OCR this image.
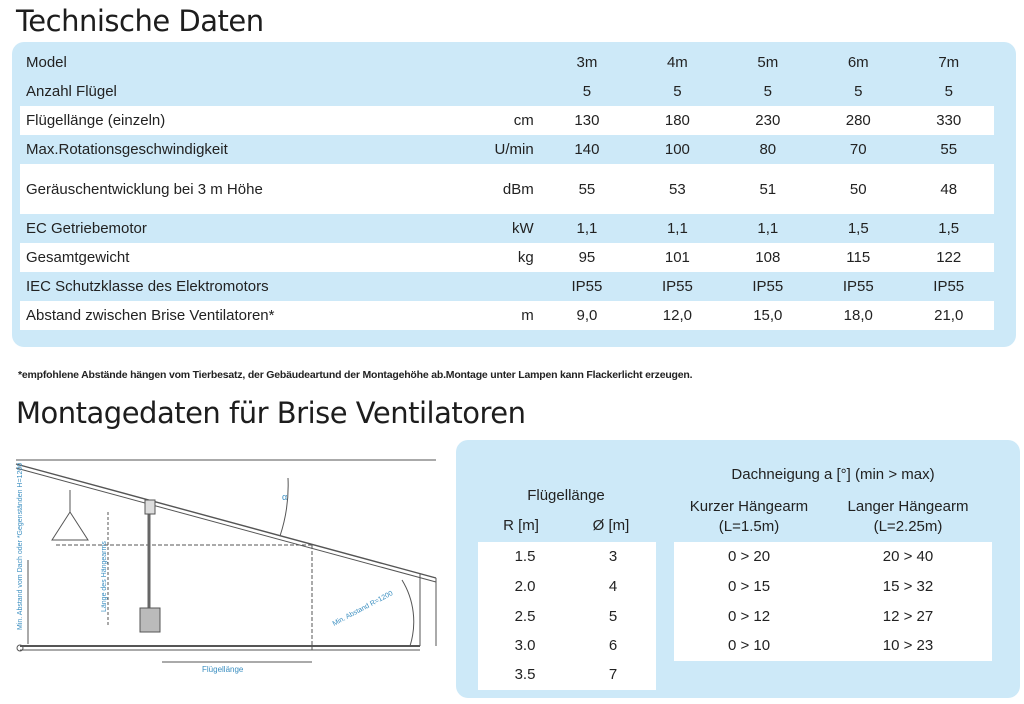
Technische Daten
Model		3m	4m	5m	6m	7m
Anzahl Flügel		5	5	5	5	5
Flügellänge (einzeln)	cm	130	180	230	280	330
Max.Rotationsgeschwindigkeit	U/min	140	100	80	70	55
Geräuschentwicklung bei 3 m Höhe	dBm	55	53	51	50	48
EC Getriebemotor	kW	1,1	1,1	1,1	1,5	1,5
Gesamtgewicht	kg	95	101	108	115	122
IEC Schutzklasse des Elektromotors		IP55	IP55	IP55	IP55	IP55
Abstand zwischen Brise Ventilatoren*	m	9,0	12,0	15,0	18,0	21,0
*empfohlene Abstände hängen vom Tierbesatz, der Gebäudeartund der Montagehöhe ab.Montage unter Lampen kann Flackerlicht erzeugen.
Montagedaten für Brise Ventilatoren
α
Min. Abstand vom Dach oder *Gegenständen H=1200	Länge des Hängearms	Min. Abstand R=1200
Flügellänge
Flügellänge
R [m]	Ø [m]
Dachneigung a [°] (min > max)
Kurzer Hängearm
(L=1.5m)
Langer Hängearm
(L=2.25m)
1.5	3	0 > 20	20 > 40
2.0	4	0 > 15	15 > 32
2.5	5	0 > 12	12 > 27
3.0	6	0 > 10	10 > 23
3.5	7
